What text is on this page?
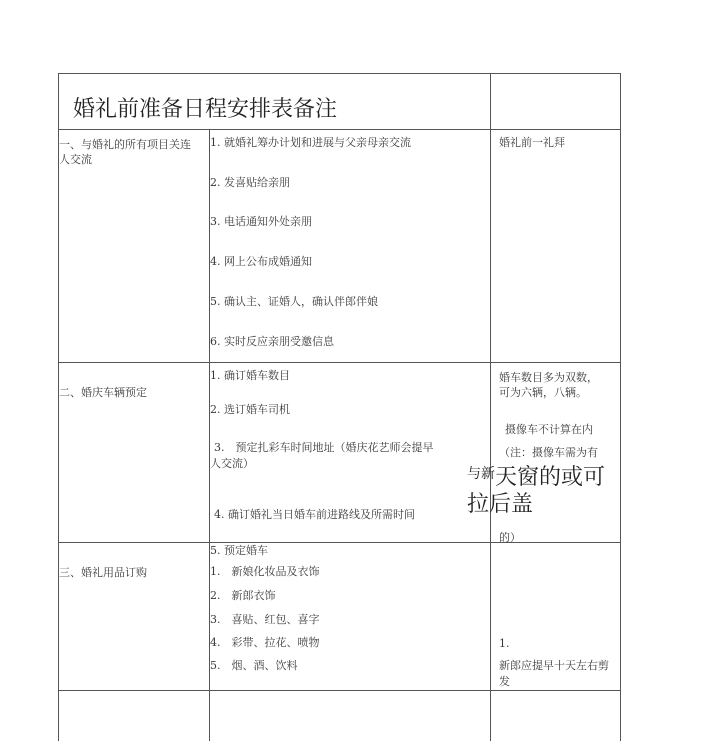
婚礼前准备日程安排表备注
一、与婚礼的所有项目关连
人交流
1. 就婚礼筹办计划和进展与父亲母亲交流
2. 发喜贴给亲朋
3. 电话通知外处亲朋
4. 网上公布成婚通知
5. 确认主、证婚人，确认伴郎伴娘
6. 实时反应亲朋受邀信息
婚礼前一礼拜
二、婚庆车辆预定
1. 确订婚车数目
2. 选订婚车司机
3.　预定扎彩车时间地址（婚庆花艺师会提早
人交流）
4. 确订婚礼当日婚车前进路线及所需时间
5. 预定婚车
婚车数目多为双数，
可为六辆，八辆。
摄像车不计算在内
（注：摄像车需为有
与新 天窗的或可
拉后盖
的）
三、婚礼用品订购	1.　新娘化妆品及衣饰
2.　新郎衣饰
3.　喜贴、红包、喜字
4.　彩带、拉花、喷物
5.　烟、酒、饮料
1.
新郎应提早十天左右剪
发
